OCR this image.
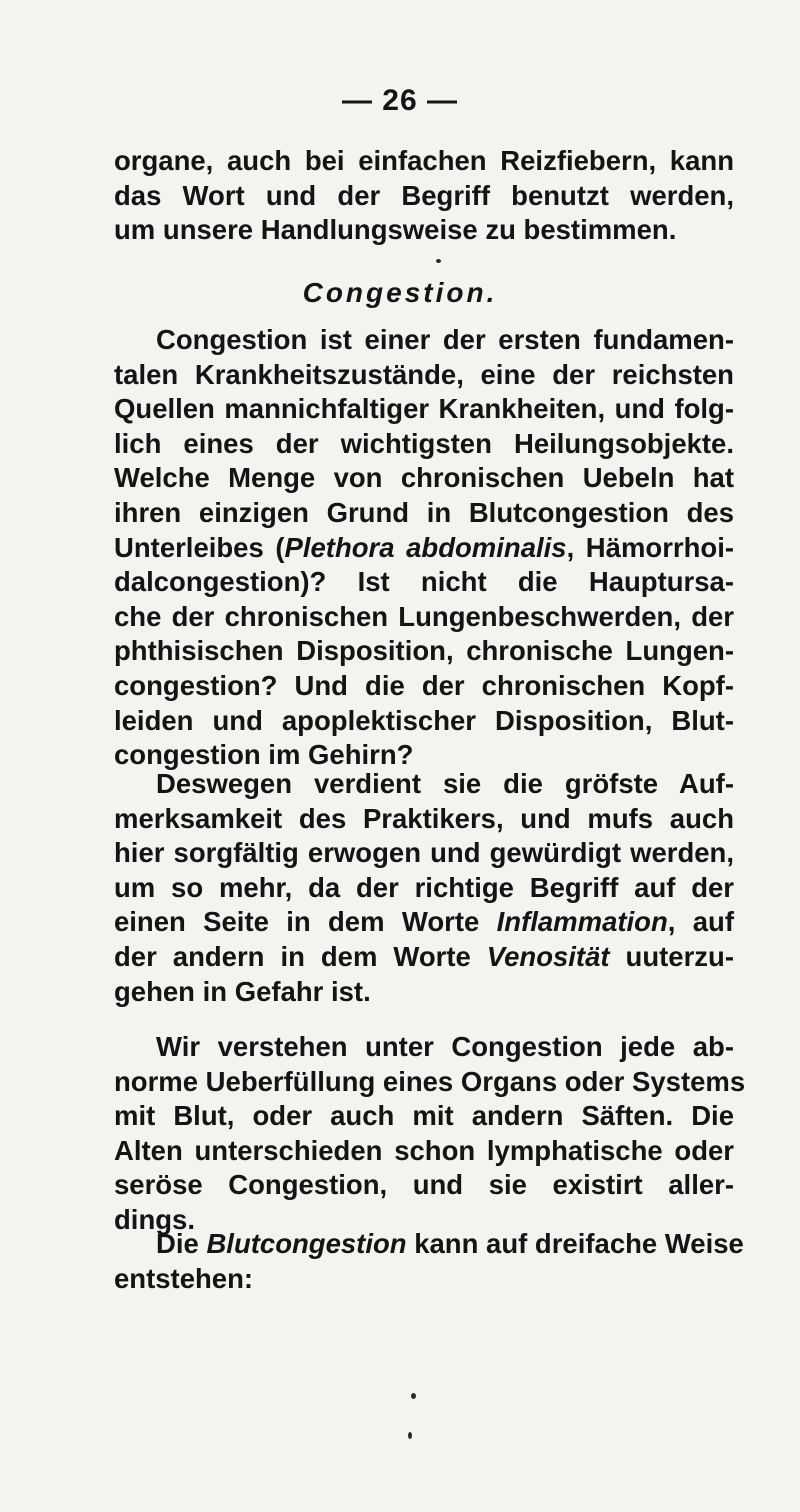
— 26 —

organe, auch bei einfachen Reizfiebern, kann
das Wort und der Begriff benutzt werden,
um unsere Handlungsweise zu bestimmen.

Congestion.

Congestion ist einer der ersten fundamen-
talen Krankheitszustände, eine der reichsten
Quellen mannichfaltiger Krankheiten, und folg-
lich eines der wichtigsten Heilungsobjekte.
Welche Menge von chronischen Uebeln hat
ihren einzigen Grund in Blutcongestion des
Unterleibes (Plethora abdominalis, Hämorrhoi-
dalcongestion)? Ist nicht die Hauptursa-
che der chronischen Lungenbeschwerden, der
phthisischen Disposition, chronische Lungen-
congestion? Und die der chronischen Kopf-
leiden und apoplektischer Disposition, Blut-
congestion im Gehirn?

Deswegen verdient sie die gröfste Auf-
merksamkeit des Praktikers, und mufs auch
hier sorgfältig erwogen und gewürdigt werden,
um so mehr, da der richtige Begriff auf der
einen Seite in dem Worte Inflammation, auf
der andern in dem Worte Venosität uuterzu-
gehen in Gefahr ist.

Wir verstehen unter Congestion jede ab-
norme Ueberfüllung eines Organs oder Systems
mit Blut, oder auch mit andern Säften. Die
Alten unterschieden schon lymphatische oder
seröse Congestion, und sie existirt aller-
dings.

Die Blutcongestion kann auf dreifache Weise
entstehen:
